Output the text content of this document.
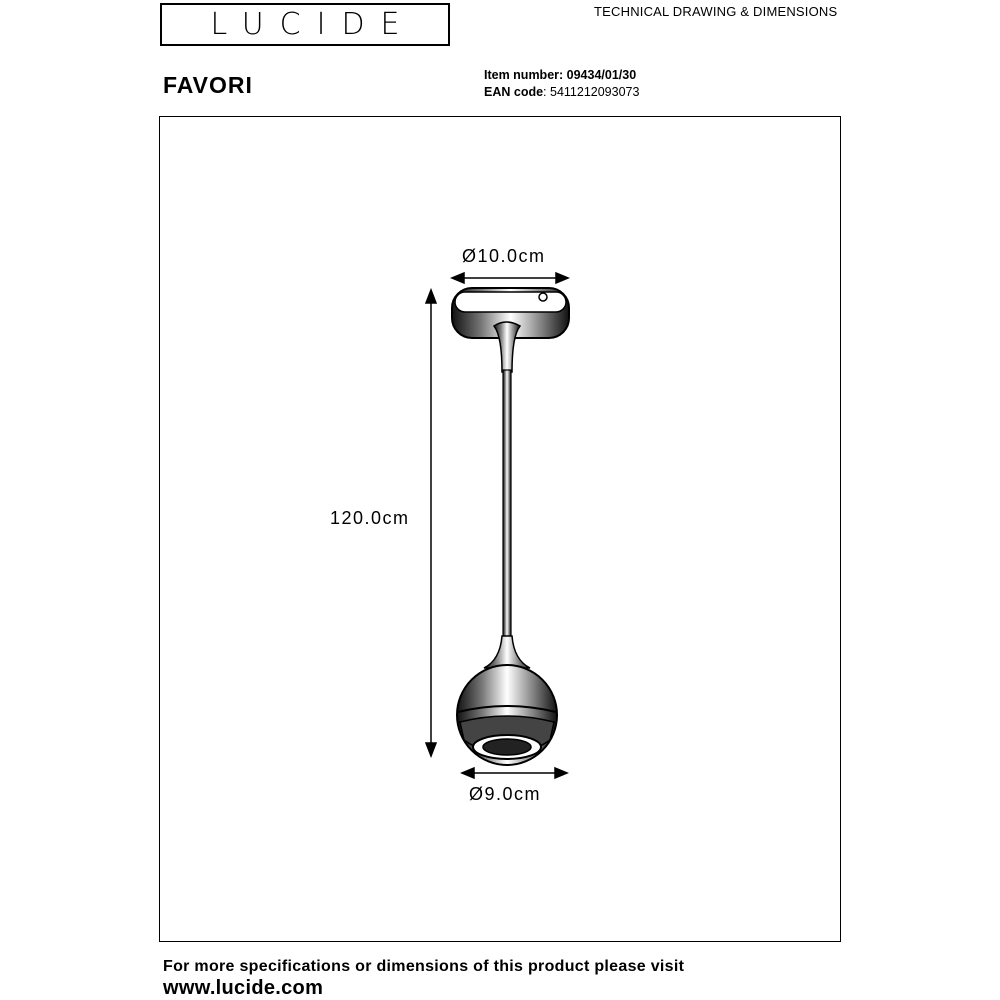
LUCIDE	TECHNICAL DRAWING & DIMENSIONS
FAVORI	Item number: 09434/01/30
EAN code: 5411212093073
Ø10.0cm
120.0cm
Ø9.0cm
For more specifications or dimensions of this product please visit
www.lucide.com
